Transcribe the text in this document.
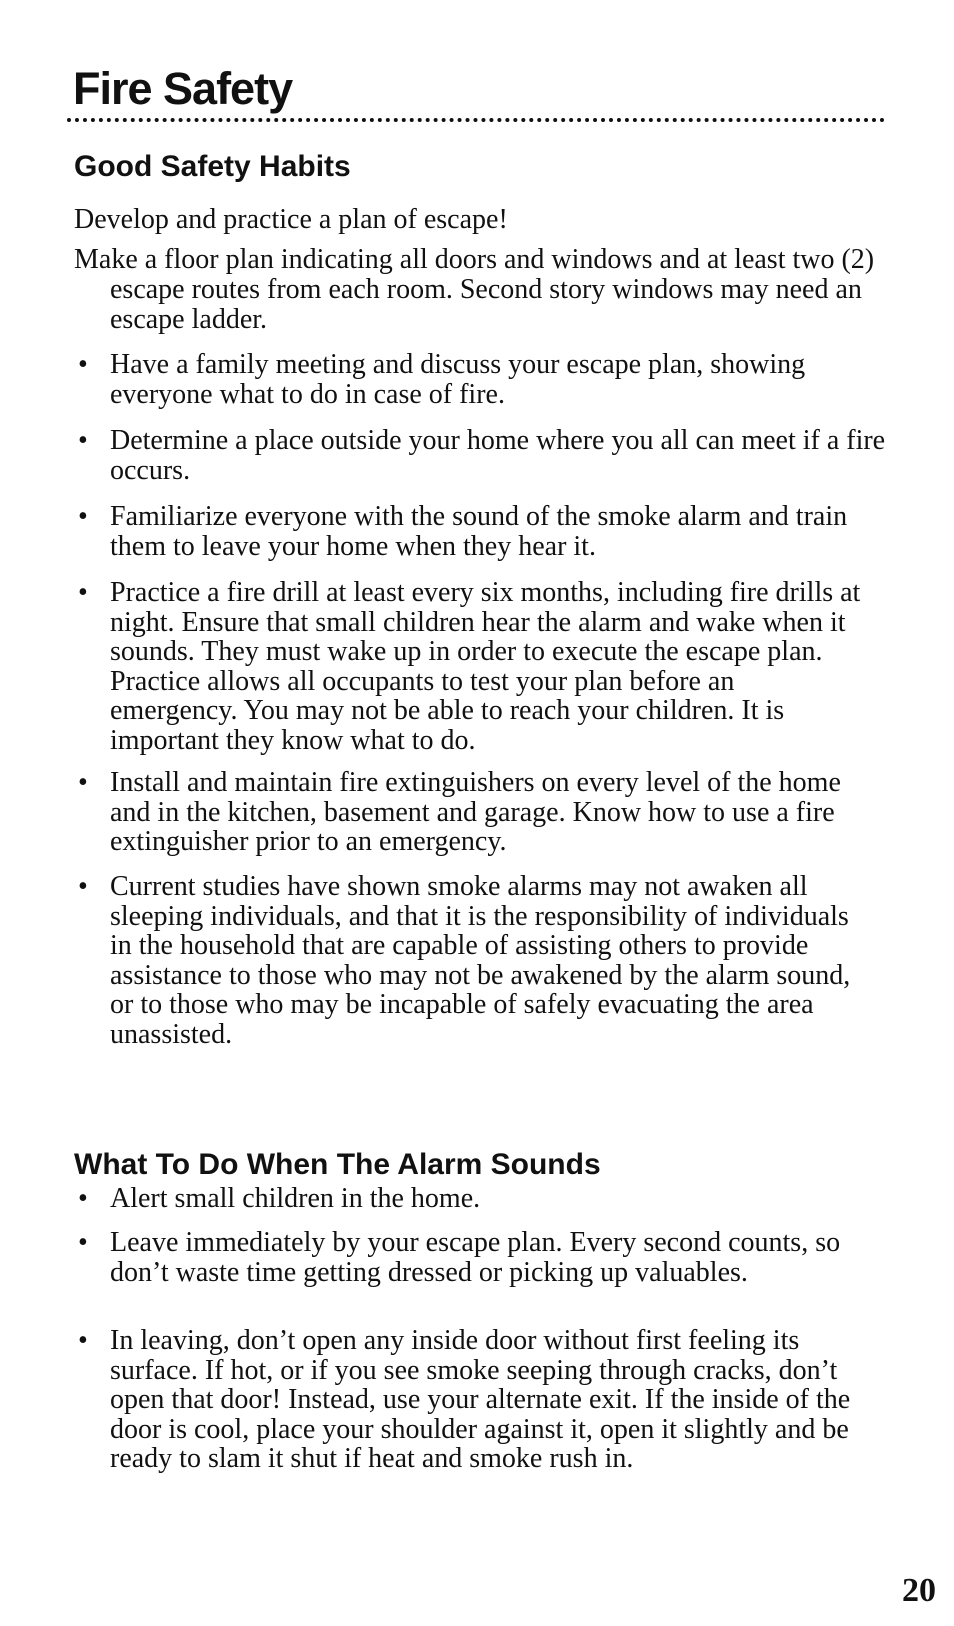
Fire Safety
Good Safety Habits

Develop and practice a plan of escape!

Make a floor plan indicating all doors and windows and at least two (2) escape routes from each room. Second story windows may need an escape ladder.

• Have a family meeting and discuss your escape plan, showing everyone what to do in case of fire.
• Determine a place outside your home where you all can meet if a fire occurs.
• Familiarize everyone with the sound of the smoke alarm and train them to leave your home when they hear it.
• Practice a fire drill at least every six months, including fire drills at night. Ensure that small children hear the alarm and wake when it sounds. They must wake up in order to execute the escape plan. Practice allows all occupants to test your plan before an emergency. You may not be able to reach your children. It is important they know what to do.
• Install and maintain fire extinguishers on every level of the home and in the kitchen, basement and garage. Know how to use a fire extinguisher prior to an emergency.
• Current studies have shown smoke alarms may not awaken all sleeping individuals, and that it is the responsibility of individuals in the household that are capable of assisting others to provide assistance to those who may not be awakened by the alarm sound, or to those who may be incapable of safely evacuating the area unassisted.
What To Do When The Alarm Sounds
• Alert small children in the home.
• Leave immediately by your escape plan. Every second counts, so don’t waste time getting dressed or picking up valuables.
• In leaving, don’t open any inside door without first feeling its surface. If hot, or if you see smoke seeping through cracks, don’t open that door! Instead, use your alternate exit. If the inside of the door is cool, place your shoulder against it, open it slightly and be ready to slam it shut if heat and smoke rush in.
20
